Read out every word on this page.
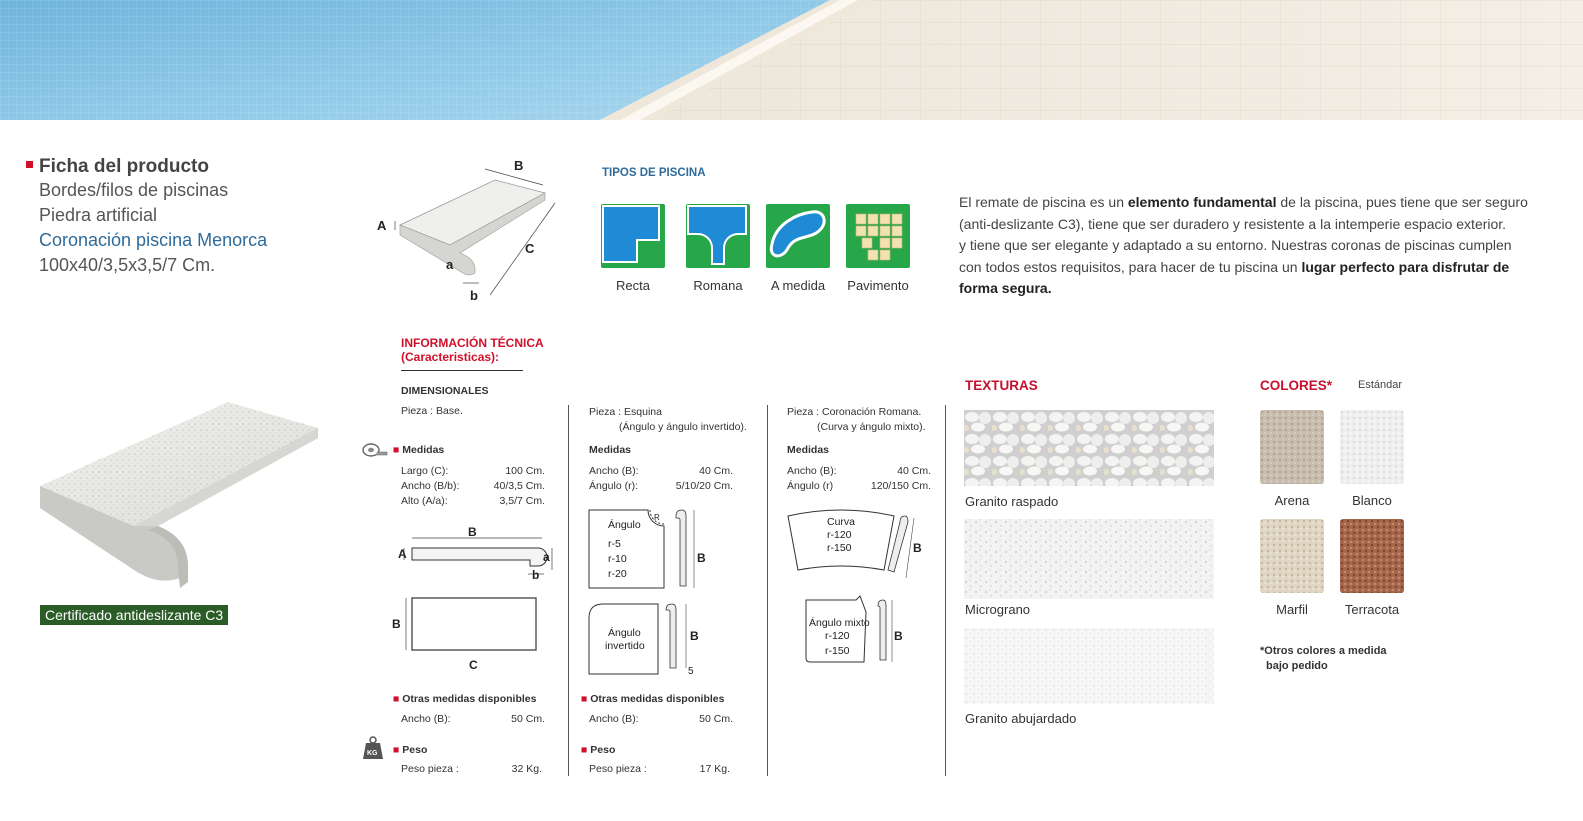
Ficha del producto
Bordes/filos de piscinas
Piedra artificial
Coronación piscina Menorca
100x40/3,5x3,5/7 Cm.
Certificado antideslizante C3
B
A
C
a
b
TIPOS DE PISCINA
Recta	Romana	A medida	Pavimento
El remate de piscina es un elemento fundamental de la piscina, pues tiene que ser seguro
(anti-deslizante C3), tiene que ser duradero y resistente a la intemperie espacio exterior.
y tiene que ser elegante y adaptado a su entorno. Nuestras coronas de piscinas cumplen
con todos estos requisitos, para hacer de tu piscina un lugar perfecto para disfrutar de
forma segura.
INFORMACIÓN TÉCNICA
(Caracteristicas):
DIMENSIONALES
Pieza : Base.
■ Medidas
Largo (C):	100 Cm.
Ancho (B/b):	40/3,5 Cm.
Alto (A/a):	3,5/7 Cm.
B
A	a
b
B
C
■ Otras medidas disponibles
Ancho (B):	50 Cm.
KG ■ Peso
Peso pieza :	32 Kg.
Pieza : Esquina
(Ángulo y ángulo invertido).
Medidas
Ancho (B):	40 Cm.
Ángulo (r):	5/10/20 Cm.
Ángulo
R
r-5
r-10
r-20
B
Ángulo
invertido
B
5
■ Otras medidas disponibles
Ancho (B):	50 Cm.
■ Peso
Peso pieza :	17 Kg.
Pieza : Coronación Romana.
(Curva y ángulo mixto).
Medidas
Ancho (B):	40 Cm.
Ángulo (r)	120/150 Cm.
Curva
r-120
r-150	B
Ángulo mixto
r-120
r-150
B
TEXTURAS
Granito raspado
Micrograno
Granito abujardado
COLORES* Estándar
Arena	Blanco
Marfil	Terracota
*Otros colores a medida
bajo pedido
